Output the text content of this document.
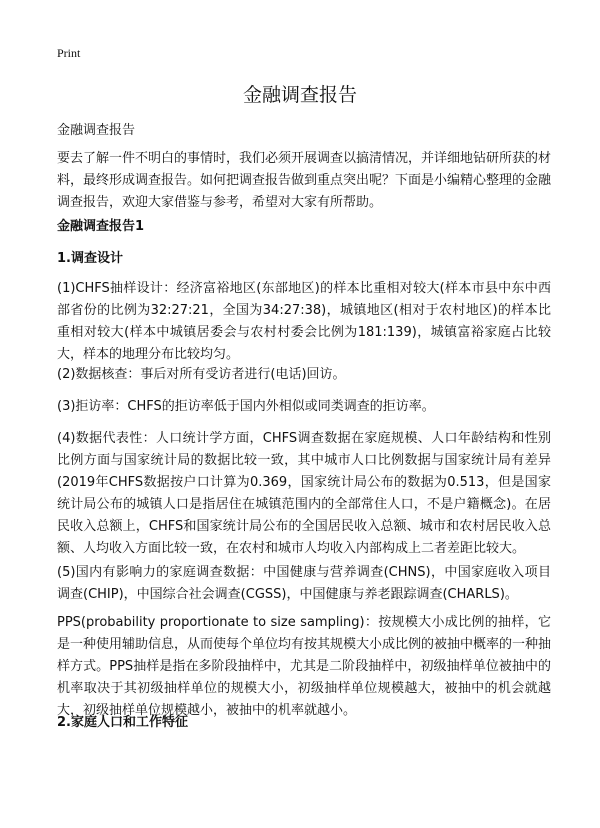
Print
金融调查报告
金融调查报告
要去了解一件不明白的事情时，我们必须开展调查以搞清情况，并详细地钻研所获的材料，最终形成调查报告。如何把调查报告做到重点突出呢？下面是小编精心整理的金融调查报告，欢迎大家借鉴与参考，希望对大家有所帮助。
金融调查报告1
1.调查设计
(1)CHFS抽样设计：经济富裕地区(东部地区)的样本比重相对较大(样本市县中东中西部省份的比例为32:27:21，全国为34:27:38)，城镇地区(相对于农村地区)的样本比重相对较大(样本中城镇居委会与农村村委会比例为181:139)，城镇富裕家庭占比较大，样本的地理分布比较均匀。
(2)数据核查：事后对所有受访者进行(电话)回访。
(3)拒访率：CHFS的拒访率低于国内外相似或同类调查的拒访率。
(4)数据代表性：人口统计学方面，CHFS调查数据在家庭规模、人口年龄结构和性别比例方面与国家统计局的数据比较一致，其中城市人口比例数据与国家统计局有差异(2019年CHFS数据按户口计算为0.369，国家统计局公布的数据为0.513，但是国家统计局公布的城镇人口是指居住在城镇范围内的全部常住人口，不是户籍概念)。在居民收入总额上，CHFS和国家统计局公布的全国居民收入总额、城市和农村居民收入总额、人均收入方面比较一致，在农村和城市人均收入内部构成上二者差距比较大。
(5)国内有影响力的家庭调查数据：中国健康与营养调查(CHNS)，中国家庭收入项目调查(CHIP)，中国综合社会调查(CGSS)，中国健康与养老跟踪调查(CHARLS)。
PPS(probability proportionate to size sampling)：按规模大小成比例的抽样，它是一种使用辅助信息，从而使每个单位均有按其规模大小成比例的被抽中概率的一种抽样方式。PPS抽样是指在多阶段抽样中，尤其是二阶段抽样中，初级抽样单位被抽中的机率取决于其初级抽样单位的规模大小，初级抽样单位规模越大，被抽中的机会就越大，初级抽样单位规模越小，被抽中的机率就越小。
2.家庭人口和工作特征
